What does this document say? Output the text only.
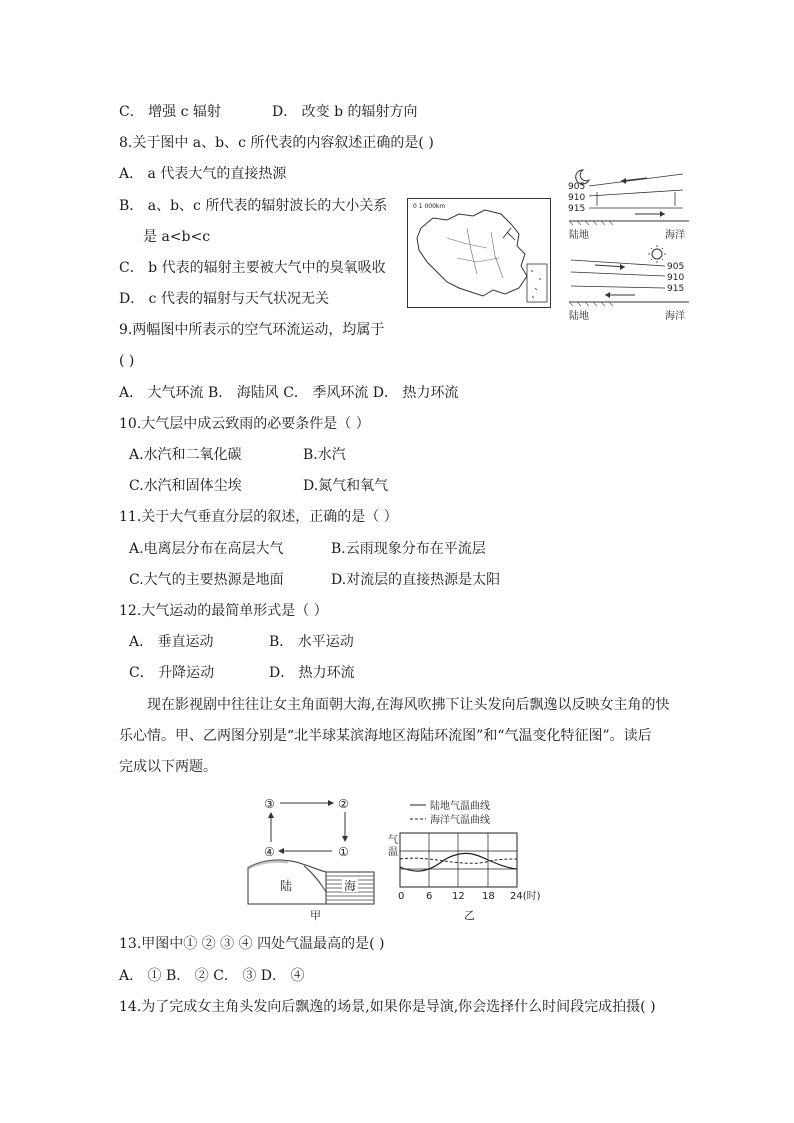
C． 增强 c 辐射	D． 改变 b 的辐射方向
8.关于图中 a、b、c 所代表的内容叙述正确的是( )
A． a 代表大气的直接热源
B． a、b、c 所代表的辐射波长的大小关系
是 a<b<c
C． b 代表的辐射主要被大气中的臭氧吸收
D． c 代表的辐射与天气状况无关
0 1 000km
905
910
915
陆地	海洋
905
910
915
陆地	海洋
9.两幅图中所表示的空气环流运动，均属于
( )
A． 大气环流 B． 海陆风 C． 季风环流 D． 热力环流
10.大气层中成云致雨的必要条件是（ ）
A.水汽和二氧化碳	B.水汽
C.水汽和固体尘埃	D.氮气和氧气
11.关于大气垂直分层的叙述，正确的是（ ）
A.电离层分布在高层大气	B.云雨现象分布在平流层
C.大气的主要热源是地面	D.对流层的直接热源是太阳
12.大气运动的最简单形式是（ ）
A． 垂直运动	B． 水平运动
C． 升降运动	D． 热力环流
现在影视剧中往往让女主角面朝大海,在海风吹拂下让头发向后飘逸以反映女主角的快
乐心情。甲、乙两图分别是“北半球某滨海地区海陆环流图”和“气温变化特征图”。读后
完成以下两题。
③	②
④	①
陆	海
甲
陆地气温曲线
海洋气温曲线
气
温
0 6 12 18 24(时)
乙
13.甲图中① ② ③ ④ 四处气温最高的是( )
A． ① B． ② C． ③ D． ④
14.为了完成女主角头发向后飘逸的场景,如果你是导演,你会选择什么时间段完成拍摄( )
